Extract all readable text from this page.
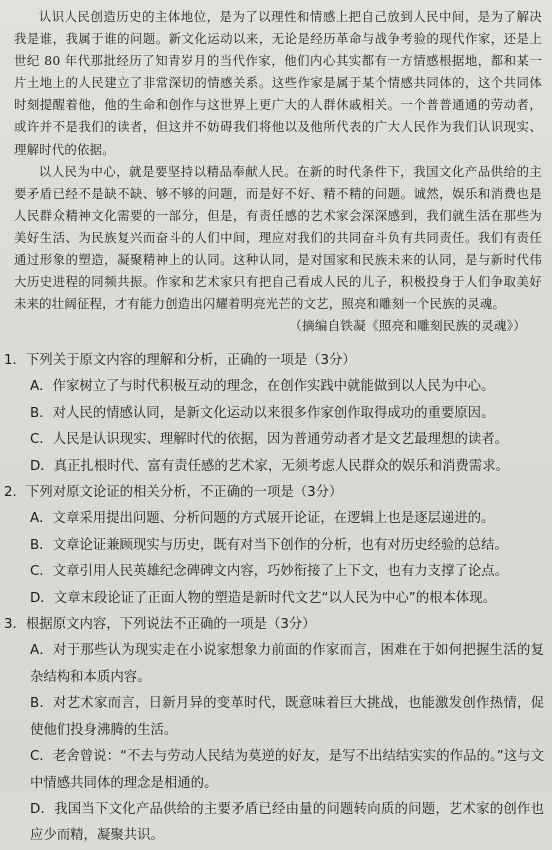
认识人民创造历史的主体地位，是为了以理性和情感上把自己放到人民中间，是为了解决我是谁，我属于谁的问题。新文化运动以来，无论是经历革命与战争考验的现代作家，还是上世纪 80 年代那批经历了知青岁月的当代作家，他们内心其实都有一方情感根据地，都和某一片土地上的人民建立了非常深切的情感关系。这些作家是属于某个情感共同体的，这个共同体时刻提醒着他，他的生命和创作与这世界上更广大的人群休戚相关。一个普普通通的劳动者，或许并不是我们的读者，但这并不妨碍我们将他以及他所代表的广大人民作为我们认识现实、理解时代的依据。

以人民为中心，就是要坚持以精品奉献人民。在新的时代条件下，我国文化产品供给的主要矛盾已经不是缺不缺、够不够的问题，而是好不好、精不精的问题。诚然，娱乐和消费也是人民群众精神文化需要的一部分，但是，有责任感的艺术家会深深感到，我们就生活在那些为美好生活、为民族复兴而奋斗的人们中间，理应对我们的共同奋斗负有共同责任。我们有责任通过形象的塑造，凝聚精神上的认同。这种认同，是对国家和民族未来的认同，是与新时代伟大历史进程的同频共振。作家和艺术家只有把自己看成人民的儿子，积极投身于人们争取美好未来的壮阔征程，才有能力创造出闪耀着明亮光芒的文艺，照亮和雕刻一个民族的灵魂。

（摘编自铁凝《照亮和雕刻民族的灵魂》）

1．下列关于原文内容的理解和分析，正确的一项是（3分）

A．作家树立了与时代积极互动的理念，在创作实践中就能做到以人民为中心。

B．对人民的情感认同，是新文化运动以来很多作家创作取得成功的重要原因。

C．人民是认识现实、理解时代的依据，因为普通劳动者才是文艺最理想的读者。

D．真正扎根时代、富有责任感的艺术家，无须考虑人民群众的娱乐和消费需求。

2．下列对原文论证的相关分析，不正确的一项是（3分）

A．文章采用提出问题、分析问题的方式展开论证，在逻辑上也是逐层递进的。

B．文章论证兼顾现实与历史，既有对当下创作的分析，也有对历史经验的总结。

C．文章引用人民英雄纪念碑碑文内容，巧妙衔接了上下文，也有力支撑了论点。

D．文章末段论证了正面人物的塑造是新时代文艺“以人民为中心”的根本体现。

3．根据原文内容，下列说法不正确的一项是（3分）

A．对于那些认为现实走在小说家想象力前面的作家而言，困难在于如何把握生活的复杂结构和本质内容。

B．对艺术家而言，日新月异的变革时代，既意味着巨大挑战，也能激发创作热情，促使他们投身沸腾的生活。

C．老舍曾说：“不去与劳动人民结为莫逆的好友，是写不出结结实实的作品的。”这与文中情感共同体的理念是相通的。

D．我国当下文化产品供给的主要矛盾已经由量的问题转向质的问题，艺术家的创作也应少而精，凝聚共识。
